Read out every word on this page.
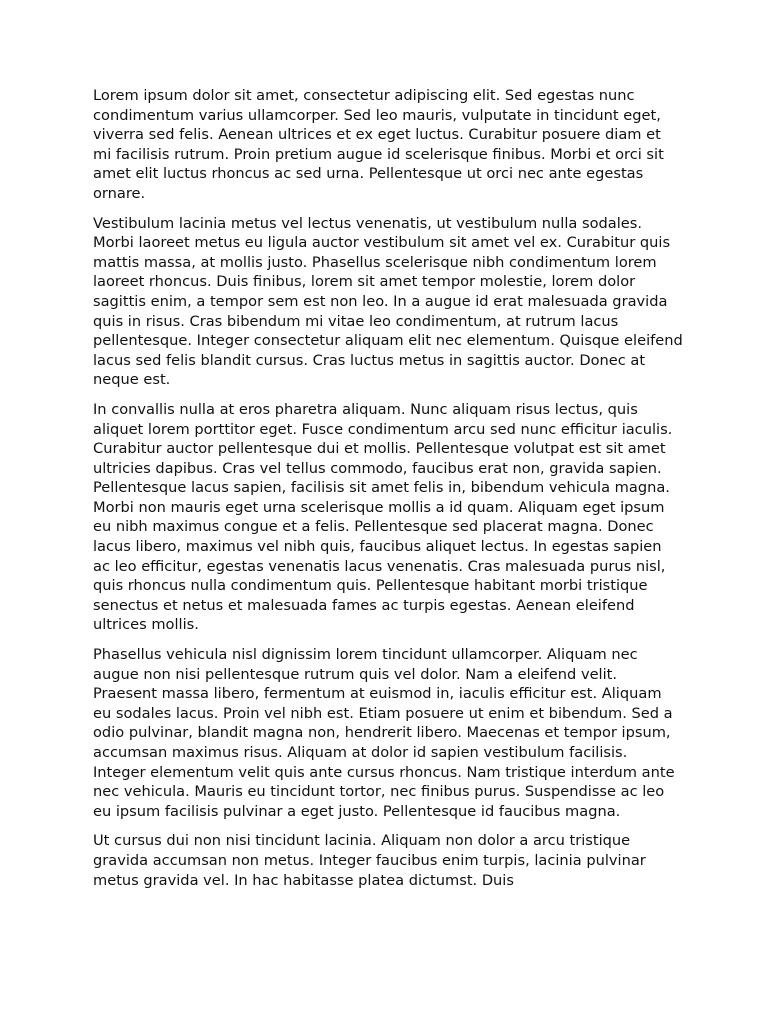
Lorem ipsum dolor sit amet, consectetur adipiscing elit. Sed egestas nunc condimentum varius ullamcorper. Sed leo mauris, vulputate in tincidunt eget, viverra sed felis. Aenean ultrices et ex eget luctus. Curabitur posuere diam et mi facilisis rutrum. Proin pretium augue id scelerisque finibus. Morbi et orci sit amet elit luctus rhoncus ac sed urna. Pellentesque ut orci nec ante egestas ornare.

Vestibulum lacinia metus vel lectus venenatis, ut vestibulum nulla sodales. Morbi laoreet metus eu ligula auctor vestibulum sit amet vel ex. Curabitur quis mattis massa, at mollis justo. Phasellus scelerisque nibh condimentum lorem laoreet rhoncus. Duis finibus, lorem sit amet tempor molestie, lorem dolor sagittis enim, a tempor sem est non leo. In a augue id erat malesuada gravida quis in risus. Cras bibendum mi vitae leo condimentum, at rutrum lacus pellentesque. Integer consectetur aliquam elit nec elementum. Quisque eleifend lacus sed felis blandit cursus. Cras luctus metus in sagittis auctor. Donec at neque est.

In convallis nulla at eros pharetra aliquam. Nunc aliquam risus lectus, quis aliquet lorem porttitor eget. Fusce condimentum arcu sed nunc efficitur iaculis. Curabitur auctor pellentesque dui et mollis. Pellentesque volutpat est sit amet ultricies dapibus. Cras vel tellus commodo, faucibus erat non, gravida sapien. Pellentesque lacus sapien, facilisis sit amet felis in, bibendum vehicula magna. Morbi non mauris eget urna scelerisque mollis a id quam. Aliquam eget ipsum eu nibh maximus congue et a felis. Pellentesque sed placerat magna. Donec lacus libero, maximus vel nibh quis, faucibus aliquet lectus. In egestas sapien ac leo efficitur, egestas venenatis lacus venenatis. Cras malesuada purus nisl, quis rhoncus nulla condimentum quis. Pellentesque habitant morbi tristique senectus et netus et malesuada fames ac turpis egestas. Aenean eleifend ultrices mollis.

Phasellus vehicula nisl dignissim lorem tincidunt ullamcorper. Aliquam nec augue non nisi pellentesque rutrum quis vel dolor. Nam a eleifend velit. Praesent massa libero, fermentum at euismod in, iaculis efficitur est. Aliquam eu sodales lacus. Proin vel nibh est. Etiam posuere ut enim et bibendum. Sed a odio pulvinar, blandit magna non, hendrerit libero. Maecenas et tempor ipsum, accumsan maximus risus. Aliquam at dolor id sapien vestibulum facilisis. Integer elementum velit quis ante cursus rhoncus. Nam tristique interdum ante nec vehicula. Mauris eu tincidunt tortor, nec finibus purus. Suspendisse ac leo eu ipsum facilisis pulvinar a eget justo. Pellentesque id faucibus magna.

Ut cursus dui non nisi tincidunt lacinia. Aliquam non dolor a arcu tristique gravida accumsan non metus. Integer faucibus enim turpis, lacinia pulvinar metus gravida vel. In hac habitasse platea dictumst. Duis
